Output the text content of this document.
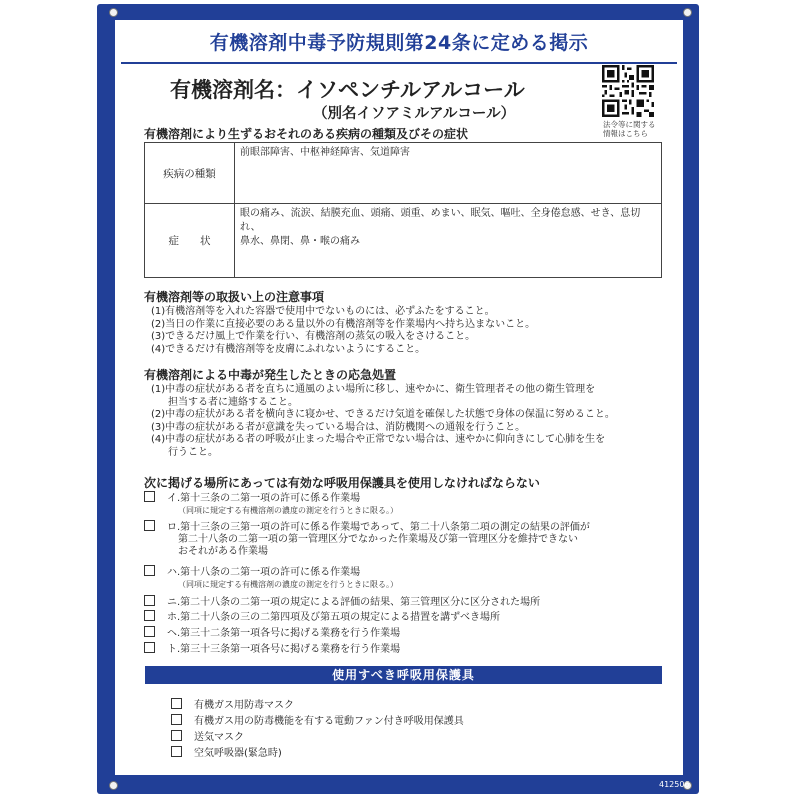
412506
有機溶剤中毒予防規則第24条に定める掲示
有機溶剤名：イソペンチルアルコール
（別名イソアミルアルコール）
法令等に関する
情報はこちら
有機溶剤により生ずるおそれのある疾病の種類及びその症状
疾病の種類	前眼部障害、中枢神経障害、気道障害
症　　状	眼の痛み、流涙、結膜充血、頭痛、頭重、めまい、眠気、嘔吐、全身倦怠感、せき、息切れ、
鼻水、鼻閉、鼻・喉の痛み
有機溶剤等の取扱い上の注意事項
(1)有機溶剤等を入れた容器で使用中でないものには、必ずふたをすること。
(2)当日の作業に直接必要のある量以外の有機溶剤等を作業場内へ持ち込まないこと。
(3)できるだけ風上で作業を行い、有機溶剤の蒸気の吸入をさけること。
(4)できるだけ有機溶剤等を皮膚にふれないようにすること。
有機溶剤による中毒が発生したときの応急処置
(1)中毒の症状がある者を直ちに通風のよい場所に移し、速やかに、衛生管理者その他の衛生管理を
担当する者に連絡すること。
(2)中毒の症状がある者を横向きに寝かせ、できるだけ気道を確保した状態で身体の保温に努めること。
(3)中毒の症状がある者が意識を失っている場合は、消防機関への通報を行うこと。
(4)中毒の症状がある者の呼吸が止まった場合や正常でない場合は、速やかに仰向きにして心肺を生を
行うこと。
次に掲げる場所にあっては有効な呼吸用保護具を使用しなければならない
イ.第十三条の二第一項の許可に係る作業場
（同項に規定する有機溶剤の濃度の測定を行うときに限る。）
ロ.第十三条の三第一項の許可に係る作業場であって、第二十八条第二項の測定の結果の評価が
第二十八条の二第一項の第一管理区分でなかった作業場及び第一管理区分を維持できない
おそれがある作業場
ハ.第十八条の二第一項の許可に係る作業場
（同項に規定する有機溶剤の濃度の測定を行うときに限る。）
ニ.第二十八条の二第一項の規定による評価の結果、第三管理区分に区分された場所
ホ.第二十八条の三の二第四項及び第五項の規定による措置を講ずべき場所
ヘ.第三十二条第一項各号に掲げる業務を行う作業場
ト.第三十三条第一項各号に掲げる業務を行う作業場
使用すべき呼吸用保護具
有機ガス用防毒マスク
有機ガス用の防毒機能を有する電動ファン付き呼吸用保護具
送気マスク
空気呼吸器(緊急時)
